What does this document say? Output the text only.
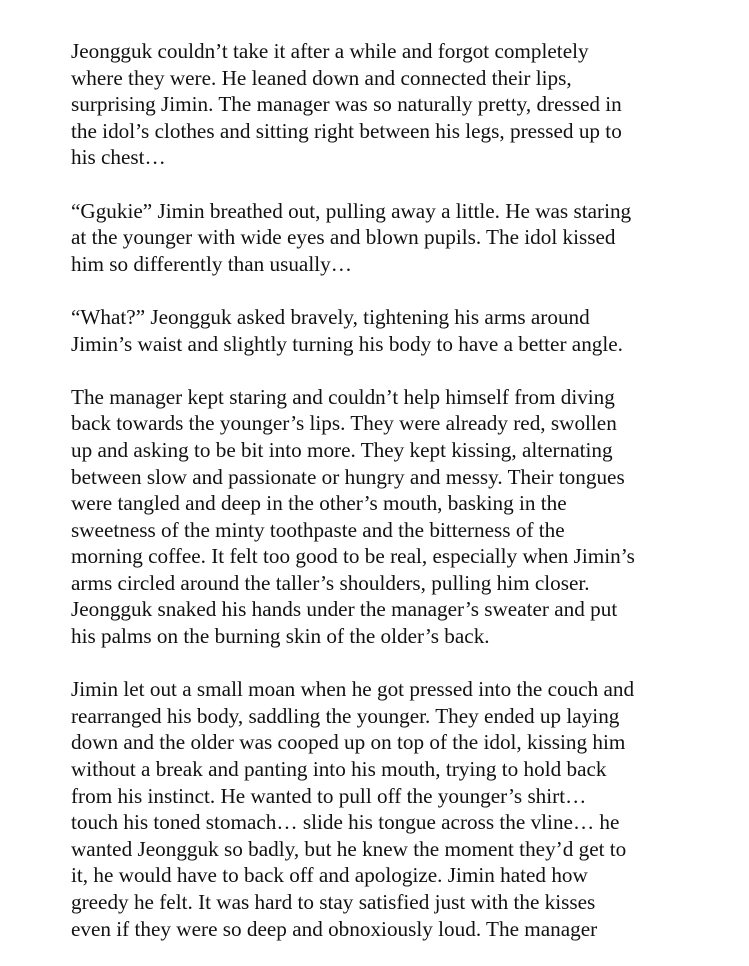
Jeongguk couldn’t take it after a while and forgot completely
where they were. He leaned down and connected their lips,
surprising Jimin. The manager was so naturally pretty, dressed in
the idol’s clothes and sitting right between his legs, pressed up to
his chest…
“Ggukie” Jimin breathed out, pulling away a little. He was staring
at the younger with wide eyes and blown pupils. The idol kissed
him so differently than usually…
“What?” Jeongguk asked bravely, tightening his arms around
Jimin’s waist and slightly turning his body to have a better angle.
The manager kept staring and couldn’t help himself from diving
back towards the younger’s lips. They were already red, swollen
up and asking to be bit into more. They kept kissing, alternating
between slow and passionate or hungry and messy. Their tongues
were tangled and deep in the other’s mouth, basking in the
sweetness of the minty toothpaste and the bitterness of the
morning coffee. It felt too good to be real, especially when Jimin’s
arms circled around the taller’s shoulders, pulling him closer.
Jeongguk snaked his hands under the manager’s sweater and put
his palms on the burning skin of the older’s back.
Jimin let out a small moan when he got pressed into the couch and
rearranged his body, saddling the younger. They ended up laying
down and the older was cooped up on top of the idol, kissing him
without a break and panting into his mouth, trying to hold back
from his instinct. He wanted to pull off the younger’s shirt…
touch his toned stomach… slide his tongue across the vline… he
wanted Jeongguk so badly, but he knew the moment they’d get to
it, he would have to back off and apologize. Jimin hated how
greedy he felt. It was hard to stay satisfied just with the kisses
even if they were so deep and obnoxiously loud. The manager
